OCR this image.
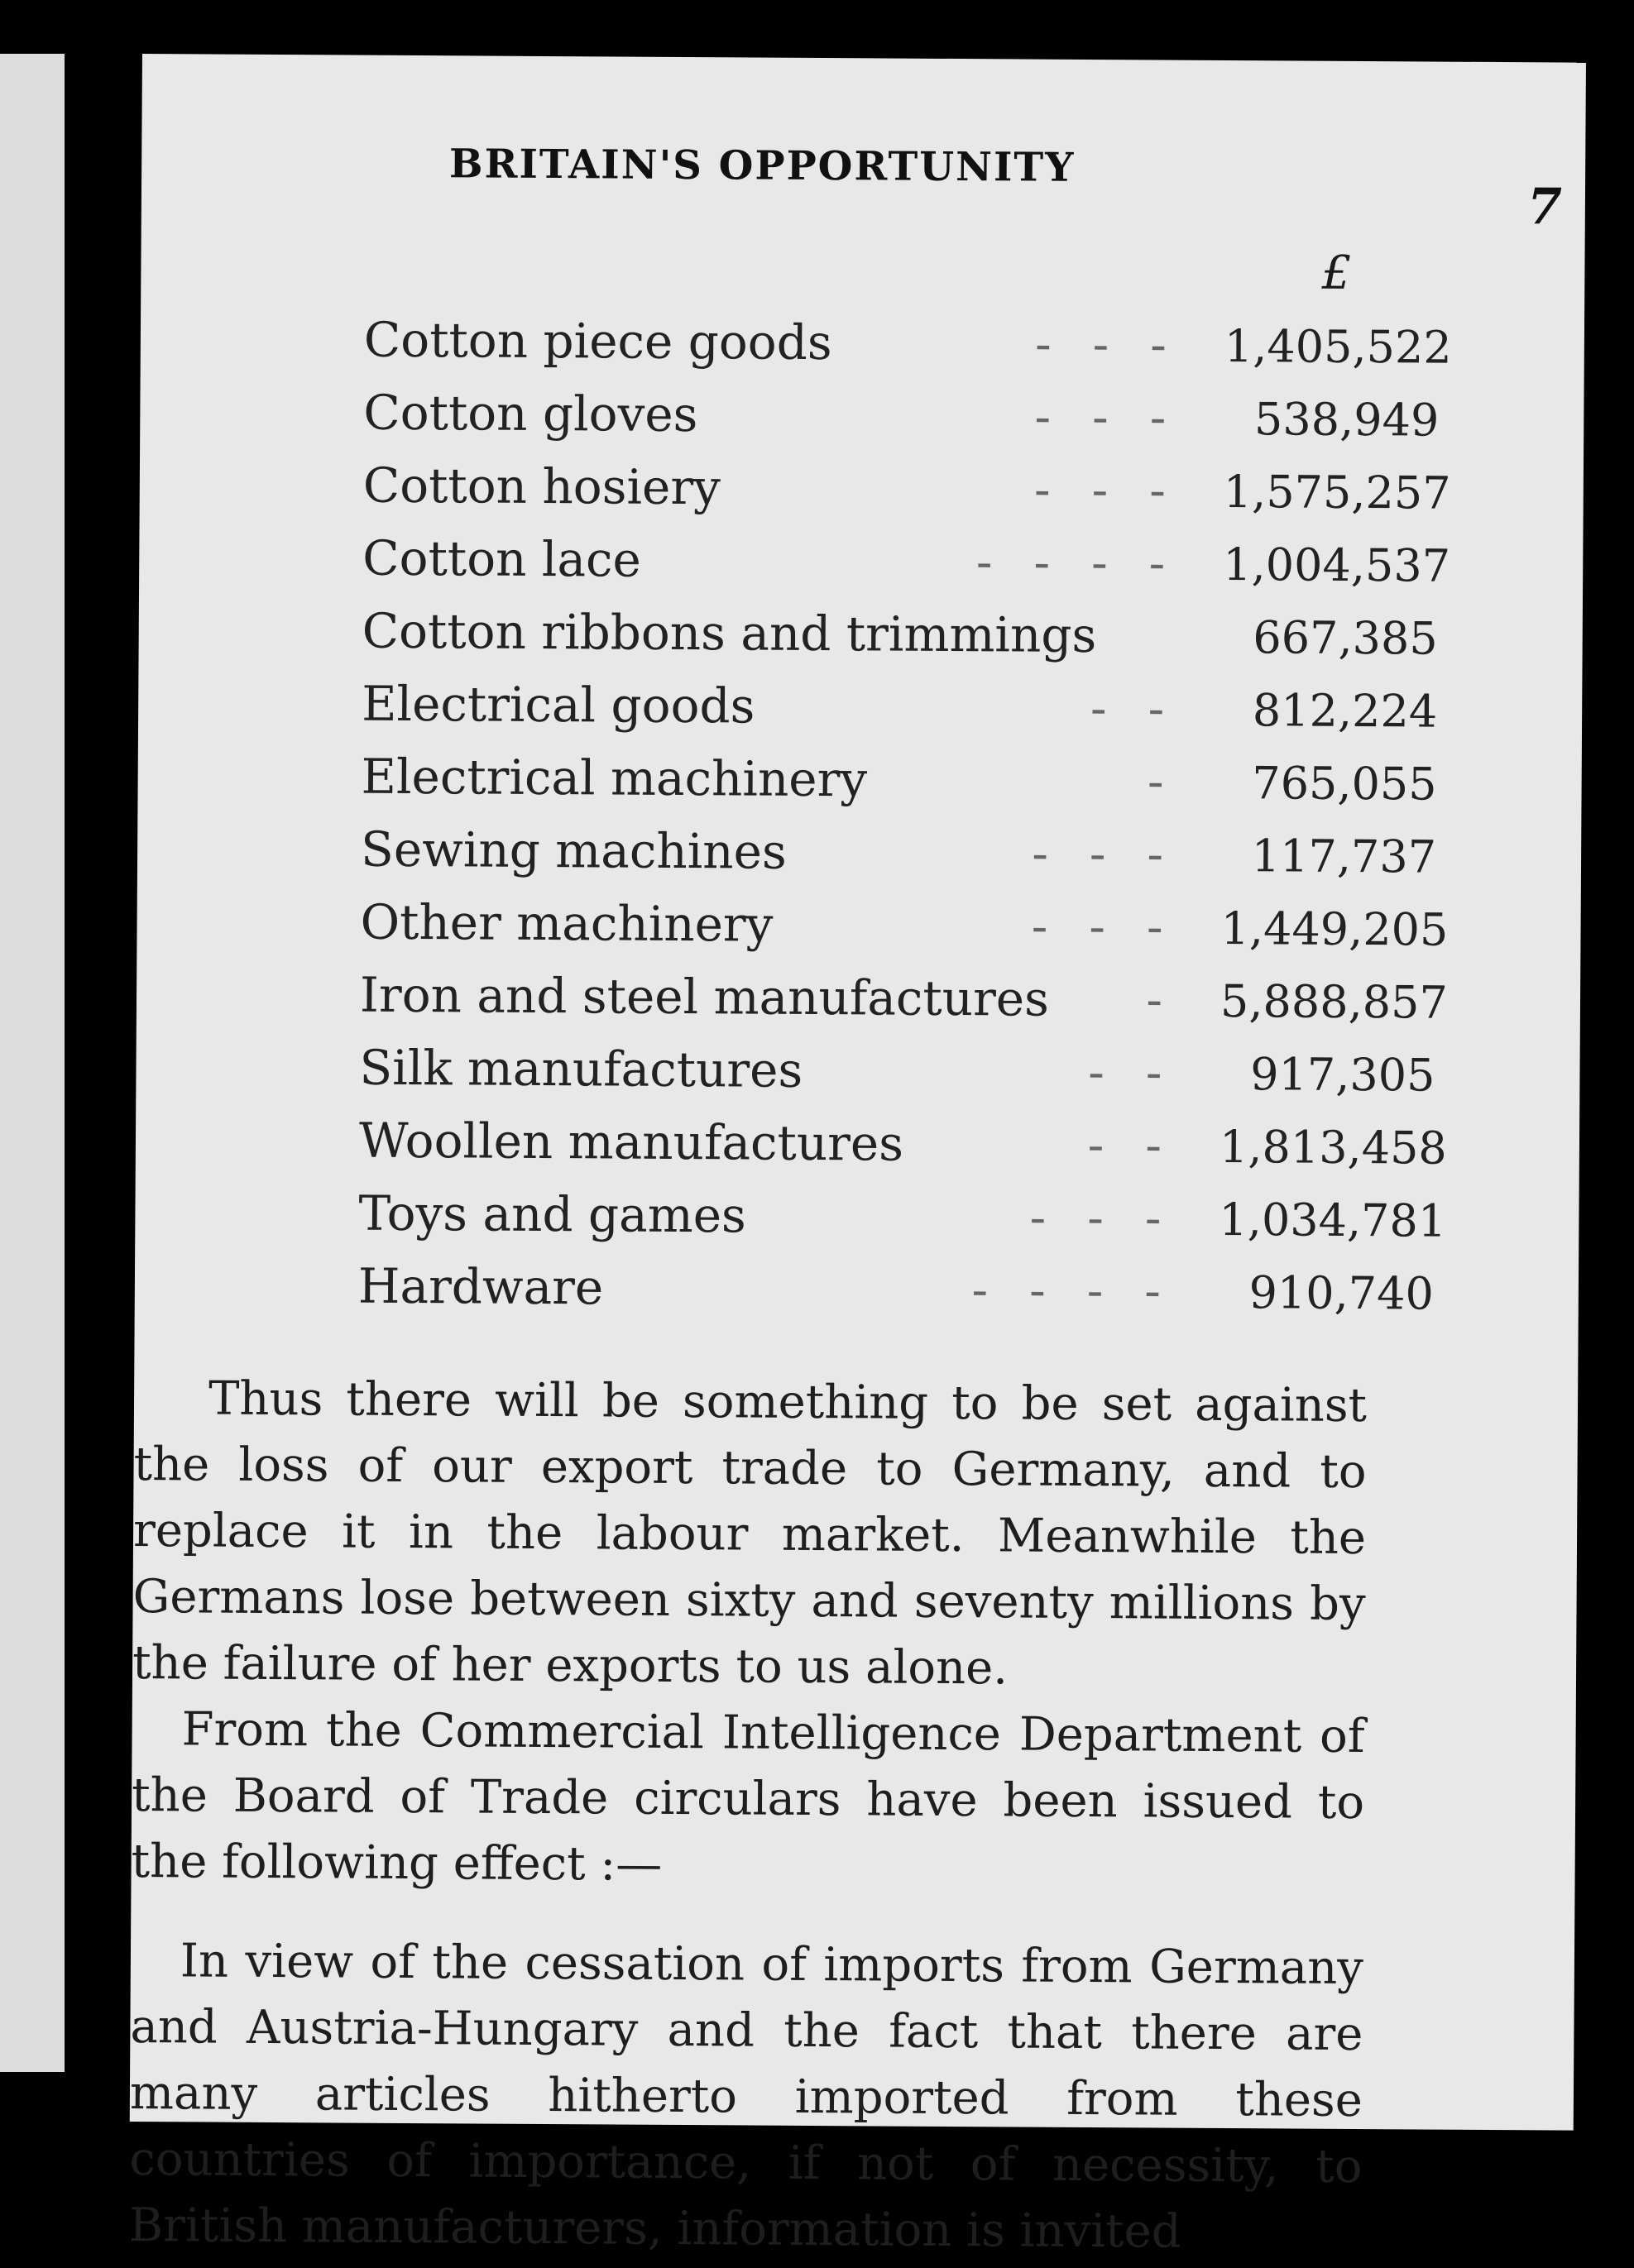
BRITAIN'S OPPORTUNITY
7
£
Cotton piece goods	--- 1,405,522
Cotton gloves	---	538,949
Cotton hosiery	--- 1,575,257
Cotton lace	---- 1,004,537
Cotton ribbons and trimmings	667,385
Electrical goods	--	812,224
Electrical machinery	-	765,055
Sewing machines	---	117,737
Other machinery	--- 1,449,205
Iron and steel manufactures	- 5,888,857
Silk manufactures	--	917,305
Woollen manufactures	-- 1,813,458
Toys and games	--- 1,034,781
Hardware	----	910,740

Thus there will be something to be set against the loss of our export trade to Germany, and to replace it in the labour market. Meanwhile the Germans lose between sixty and seventy millions by the failure of her exports to us alone.

From the Commercial Intelligence Department of the Board of Trade circulars have been issued to the following effect :—

In view of the cessation of imports from Germany and Austria-Hungary and the fact that there are many articles hitherto imported from these countries of importance, if not of necessity, to British manufacturers, information is invited
